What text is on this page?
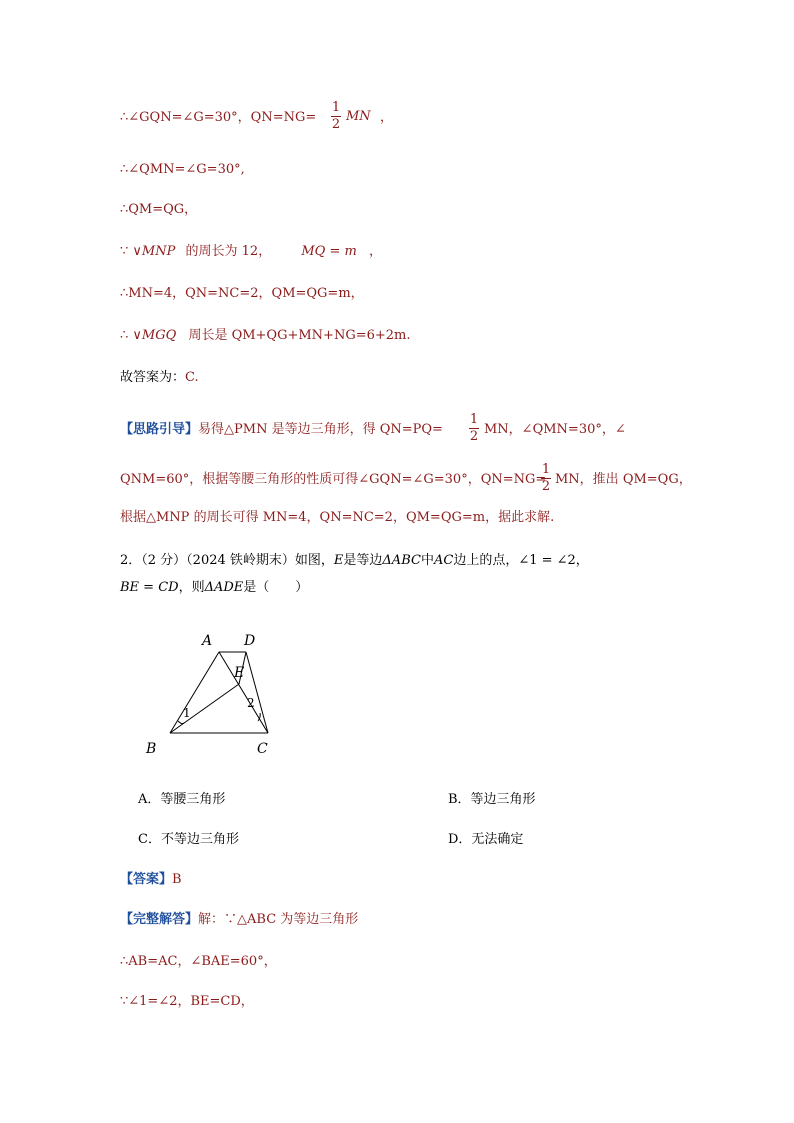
∴∠GQN=∠G=30°，QN=NG=
1
2
MN ，
∴∠QMN=∠G=30°,
∴QM=QG，
∵ ∨MNP 的周长为 12， MQ = m ，
∴MN=4，QN=NC=2，QM=QG=m，
∴ ∨MGQ 周长是 QM+QG+MN+NG=6+2m.
故答案为：C.
【思路引导】易得△PMN 是等边三角形，得 QN=PQ=
1
2 MN，∠QMN=30°，∠
QNM=60°，根据等腰三角形的性质可得∠GQN=∠G=30°，QN=NG=
1
2 MN，推出 QM=QG，
根据△MNP 的周长可得 MN=4，QN=NC=2，QM=QG=m，据此求解.
2．（2 分）（2024 铁岭期末）如图，E是等边ΔABC中AC边上的点，∠1 = ∠2，
BE = CD，则ΔADE是（　　）
A D
E
B	C
1
2
A．等腰三角形	B．等边三角形
C．不等边三角形	D．无法确定
【答案】B
【完整解答】解：∵△ABC 为等边三角形
∴AB=AC，∠BAE=60°，
∵∠1=∠2，BE=CD，
